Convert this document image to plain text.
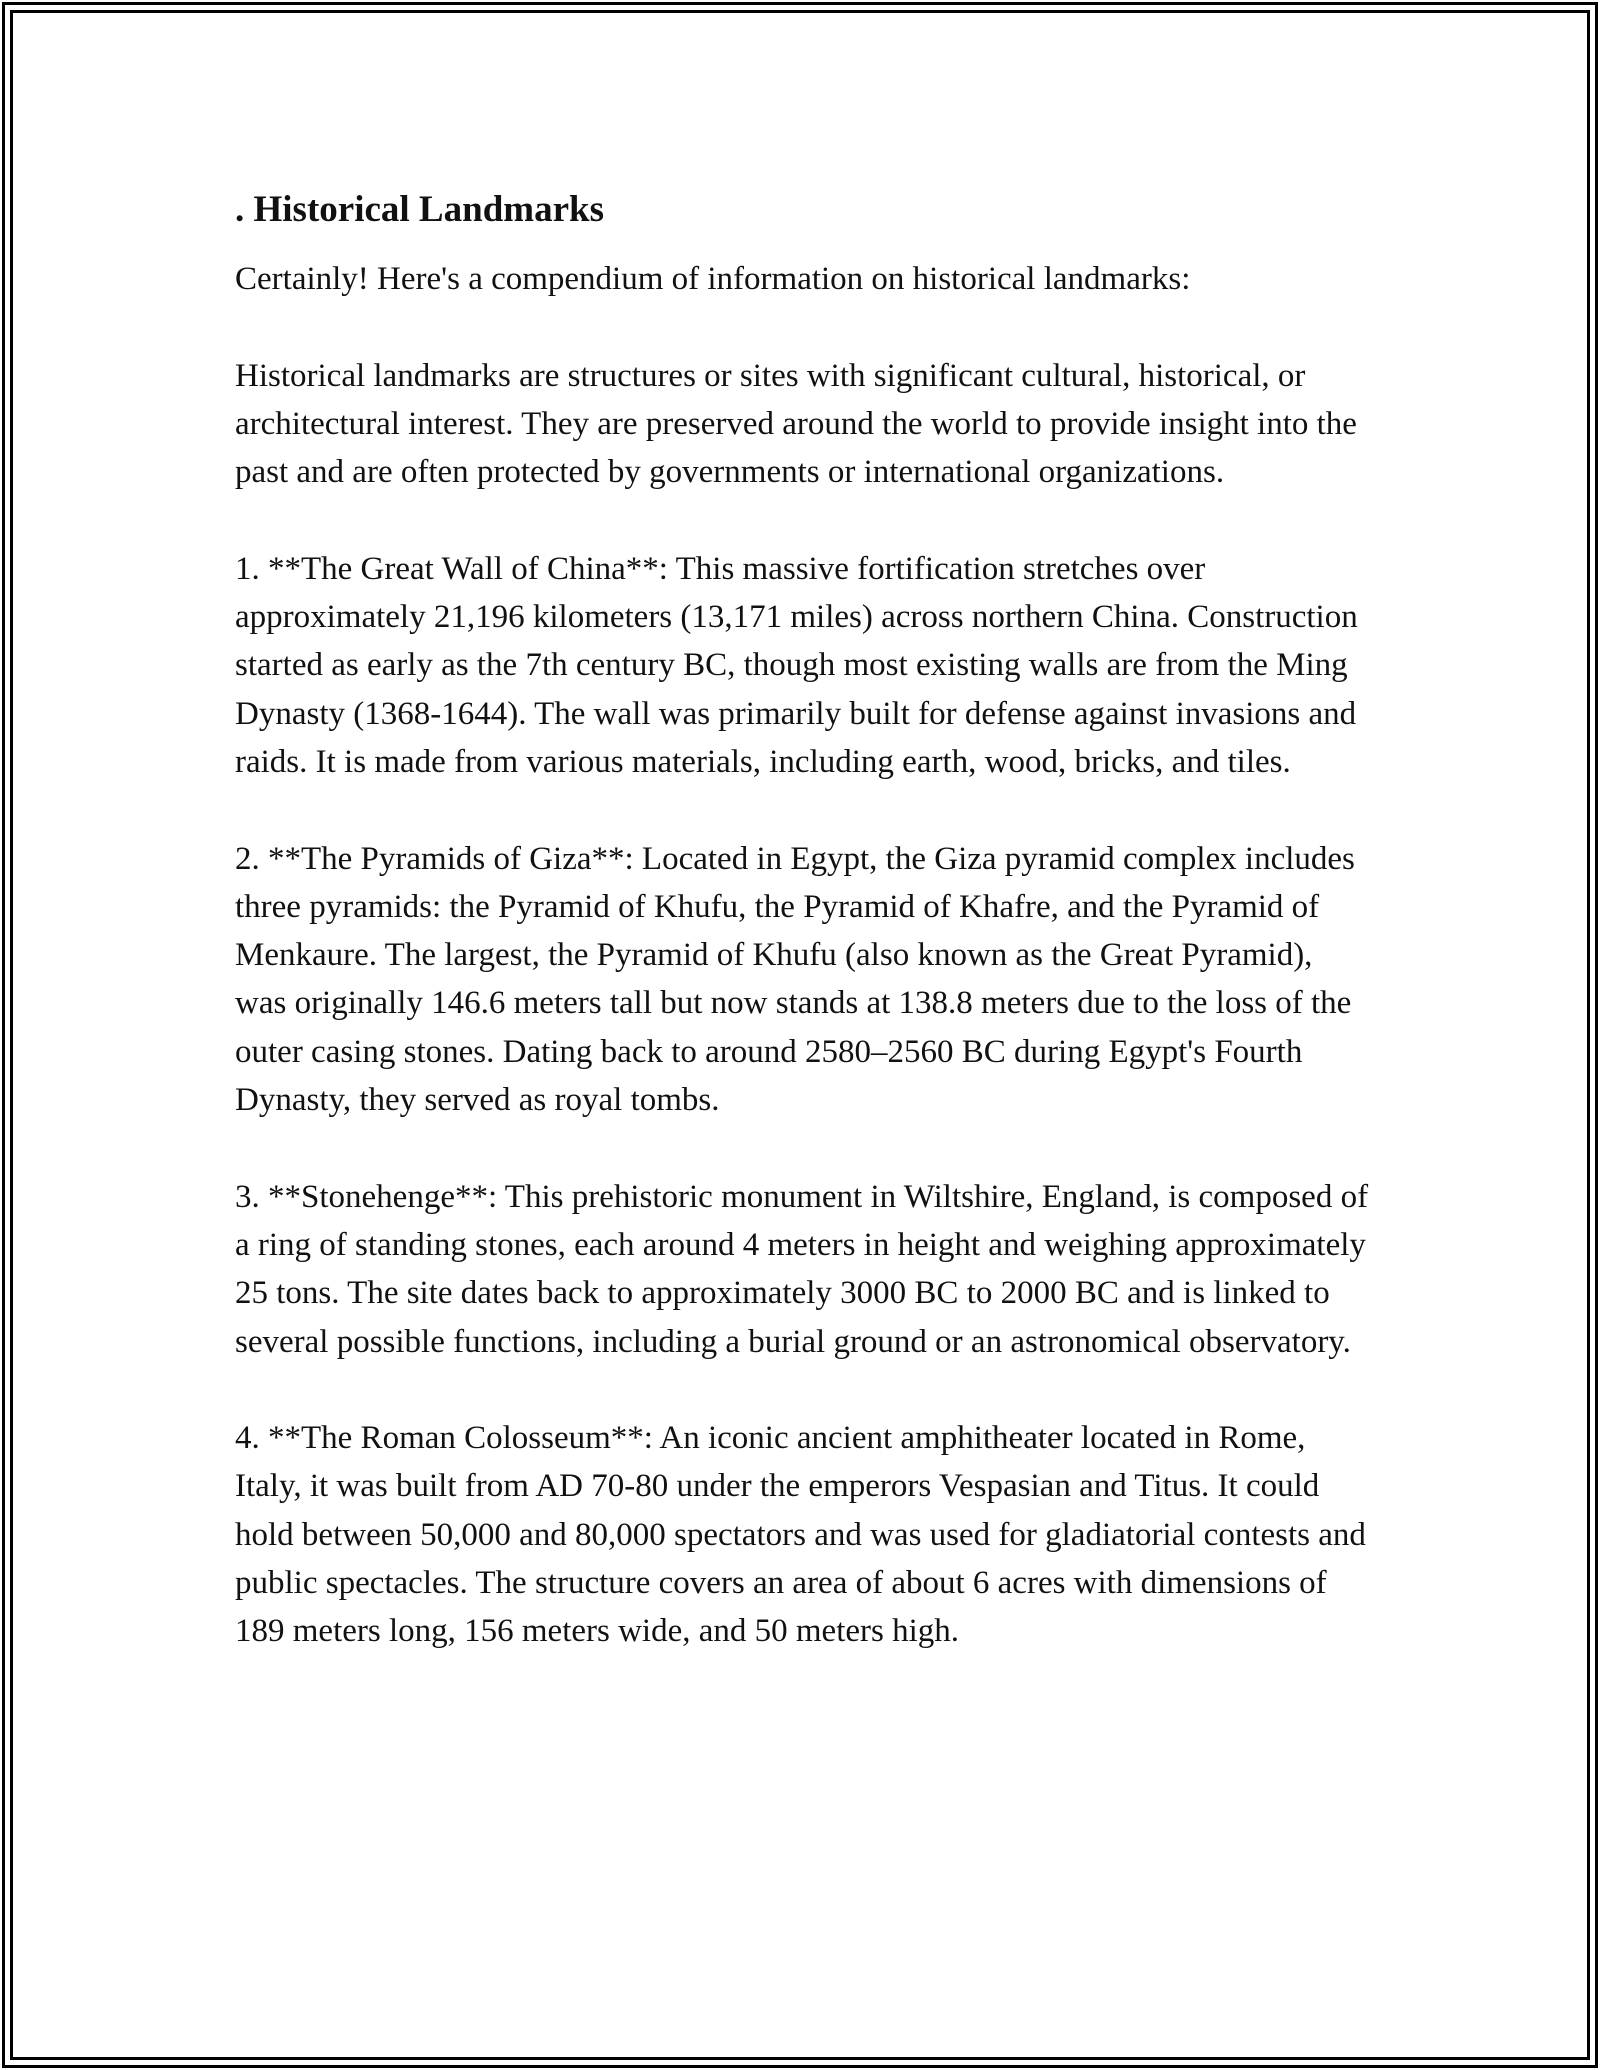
. Historical Landmarks

Certainly! Here's a compendium of information on historical landmarks:

Historical landmarks are structures or sites with significant cultural, historical, or architectural interest. They are preserved around the world to provide insight into the past and are often protected by governments or international organizations.

1. **The Great Wall of China**: This massive fortification stretches over approximately 21,196 kilometers (13,171 miles) across northern China. Construction started as early as the 7th century BC, though most existing walls are from the Ming Dynasty (1368-1644). The wall was primarily built for defense against invasions and raids. It is made from various materials, including earth, wood, bricks, and tiles.

2. **The Pyramids of Giza**: Located in Egypt, the Giza pyramid complex includes three pyramids: the Pyramid of Khufu, the Pyramid of Khafre, and the Pyramid of Menkaure. The largest, the Pyramid of Khufu (also known as the Great Pyramid), was originally 146.6 meters tall but now stands at 138.8 meters due to the loss of the outer casing stones. Dating back to around 2580–2560 BC during Egypt's Fourth Dynasty, they served as royal tombs.

3. **Stonehenge**: This prehistoric monument in Wiltshire, England, is composed of a ring of standing stones, each around 4 meters in height and weighing approximately 25 tons. The site dates back to approximately 3000 BC to 2000 BC and is linked to several possible functions, including a burial ground or an astronomical observatory.

4. **The Roman Colosseum**: An iconic ancient amphitheater located in Rome, Italy, it was built from AD 70-80 under the emperors Vespasian and Titus. It could hold between 50,000 and 80,000 spectators and was used for gladiatorial contests and public spectacles. The structure covers an area of about 6 acres with dimensions of 189 meters long, 156 meters wide, and 50 meters high.
